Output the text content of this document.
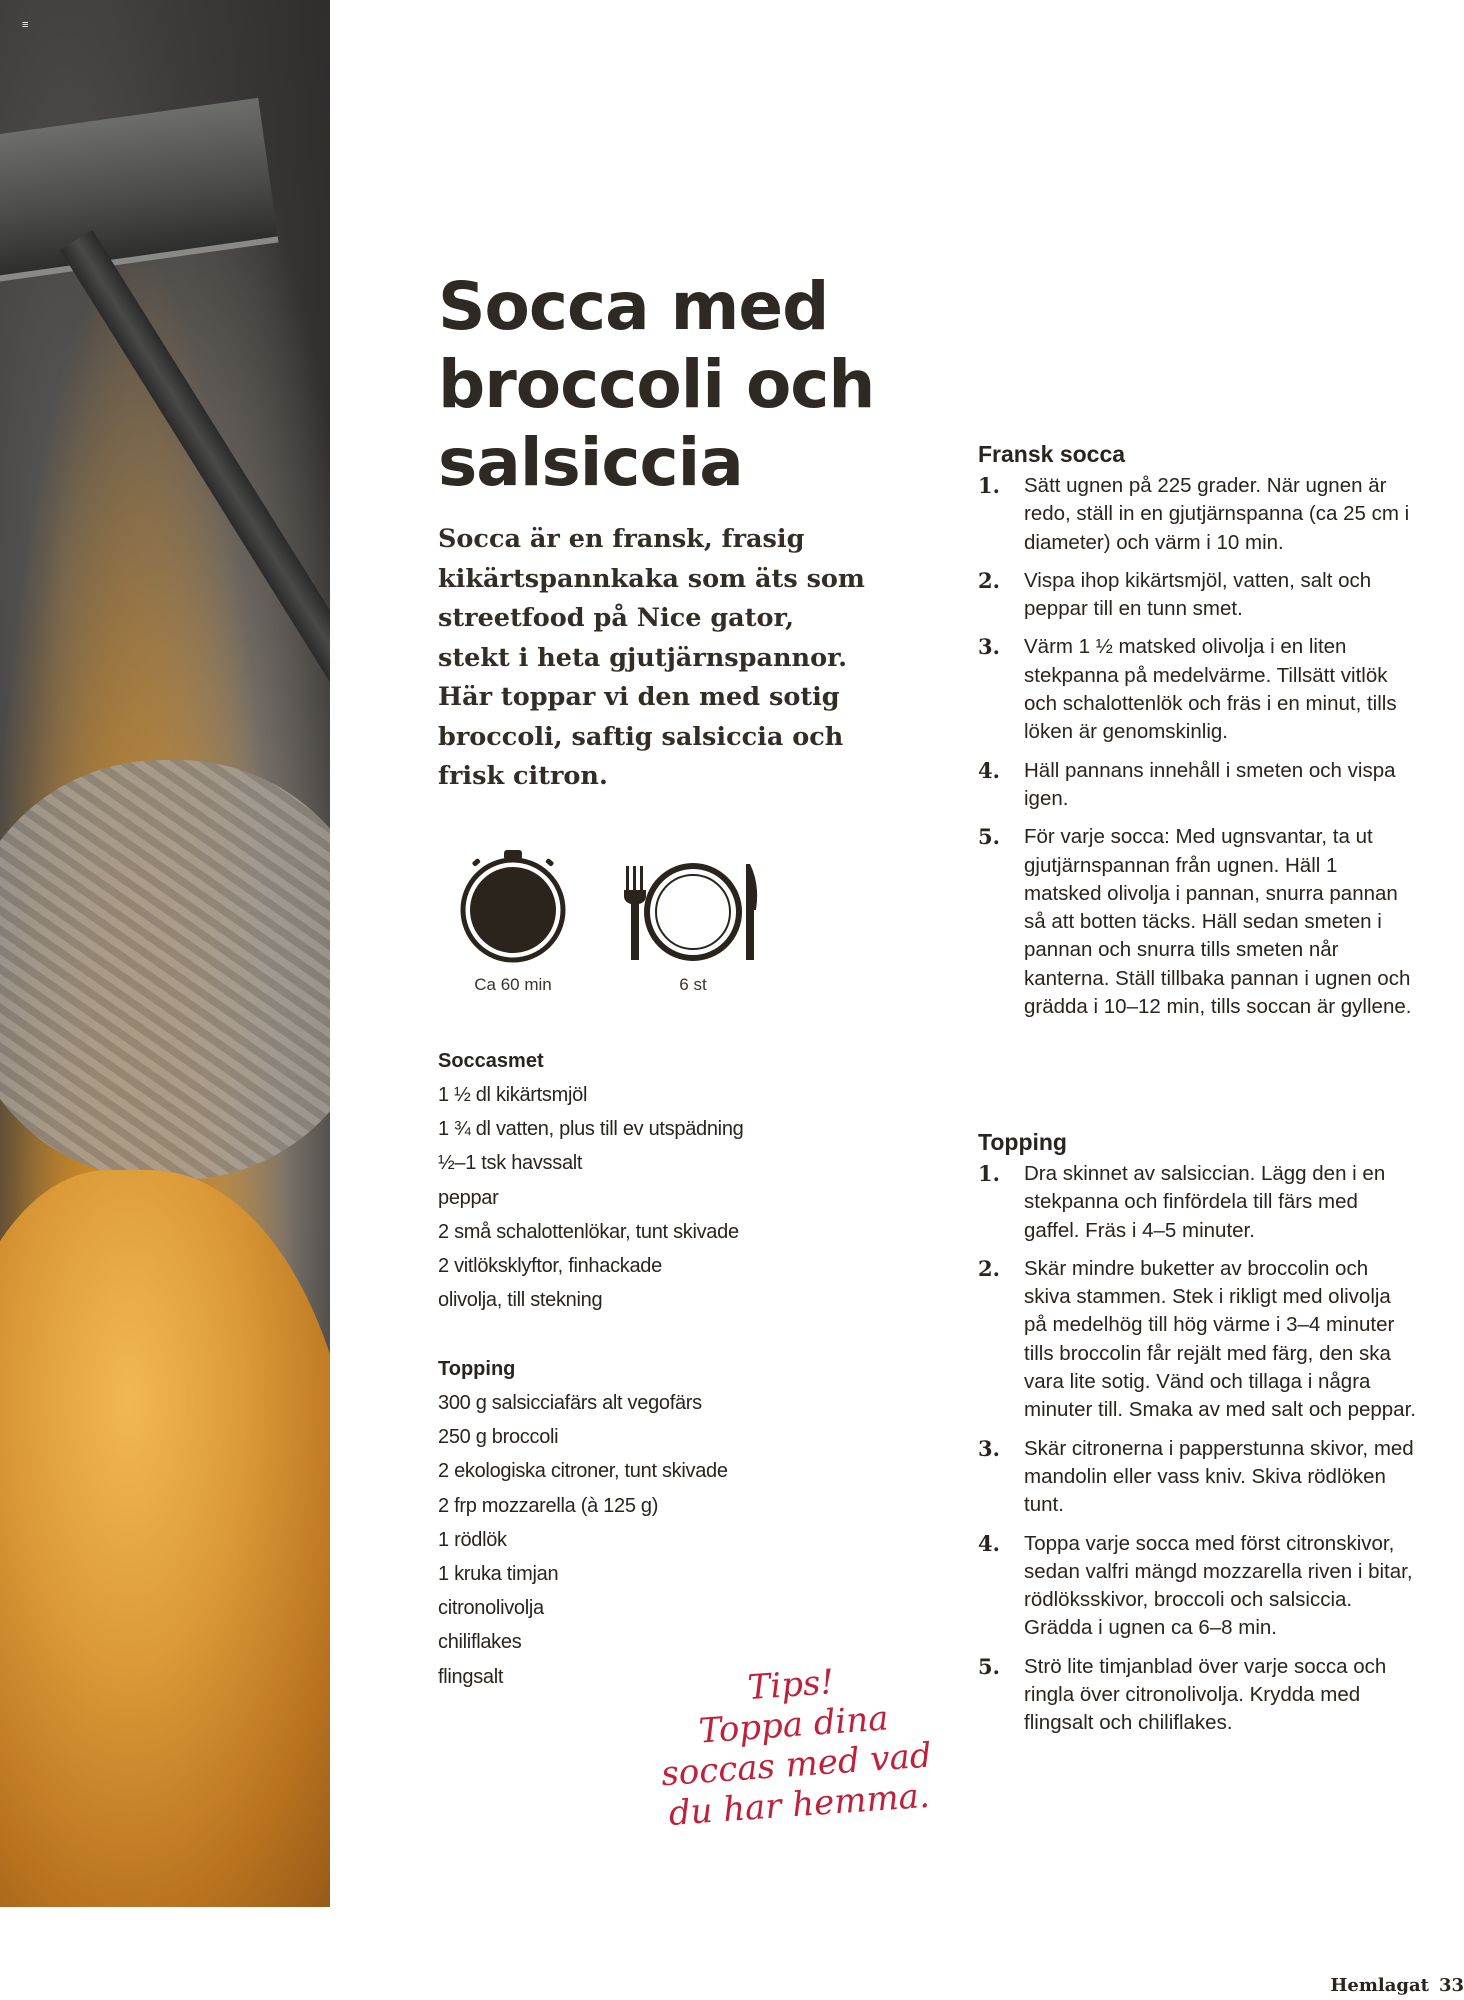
≡
Socca med broccoli och salsiccia

Socca är en fransk, frasig kikärtspannkaka som äts som streetfood på Nice gator, stekt i heta gjutjärnspannor. Här toppar vi den med sotig broccoli, saftig salsiccia och frisk citron.

Ca 60 min	6 st
Soccasmet
1 ½ dl kikärtsmjöl
1 ¾ dl vatten, plus till ev utspädning
½–1 tsk havssalt
peppar
2 små schalottenlökar, tunt skivade
2 vitlöksklyftor, finhackade
olivolja, till stekning
Topping
300 g salsicciafärs alt vegofärs
250 g broccoli
2 ekologiska citroner, tunt skivade
2 frp mozzarella (à 125 g)
1 rödlök
1 kruka timjan
citronolivolja
chiliflakes
flingsalt	Tips!
Toppa dina soccas med vad du har hemma.
Fransk socca
1.	Sätt ugnen på 225 grader. När ugnen är redo, ställ in en gjutjärnspanna (ca 25 cm i diameter) och värm i 10 min.
2.	Vispa ihop kikärtsmjöl, vatten, salt och peppar till en tunn smet.
3.	Värm 1 ½ matsked olivolja i en liten stekpanna på medelvärme. Tillsätt vitlök och schalottenlök och fräs i en minut, tills löken är genomskinlig.
4.	Häll pannans innehåll i smeten och vispa igen.
5.	För varje socca: Med ugnsvantar, ta ut gjutjärnspannan från ugnen. Häll 1 matsked olivolja i pannan, snurra pannan så att botten täcks. Häll sedan smeten i pannan och snurra tills smeten når kanterna. Ställ tillbaka pannan i ugnen och grädda i 10–12 min, tills soccan är gyllene.
Topping
1.	Dra skinnet av salsiccian. Lägg den i en stekpanna och finfördela till färs med gaffel. Fräs i 4–5 minuter.
2.	Skär mindre buketter av broccolin och skiva stammen. Stek i rikligt med olivolja på medelhög till hög värme i 3–4 minuter tills broccolin får rejält med färg, den ska vara lite sotig. Vänd och tillaga i några minuter till. Smaka av med salt och peppar.
3.	Skär citronerna i papperstunna skivor, med mandolin eller vass kniv. Skiva rödlöken tunt.
4.	Toppa varje socca med först citronskivor, sedan valfri mängd mozzarella riven i bitar, rödlöksskivor, broccoli och salsiccia. Grädda i ugnen ca 6–8 min.
5.	Strö lite timjanblad över varje socca och ringla över citronolivolja. Krydda med flingsalt och chiliflakes.
Hemlagat 33
